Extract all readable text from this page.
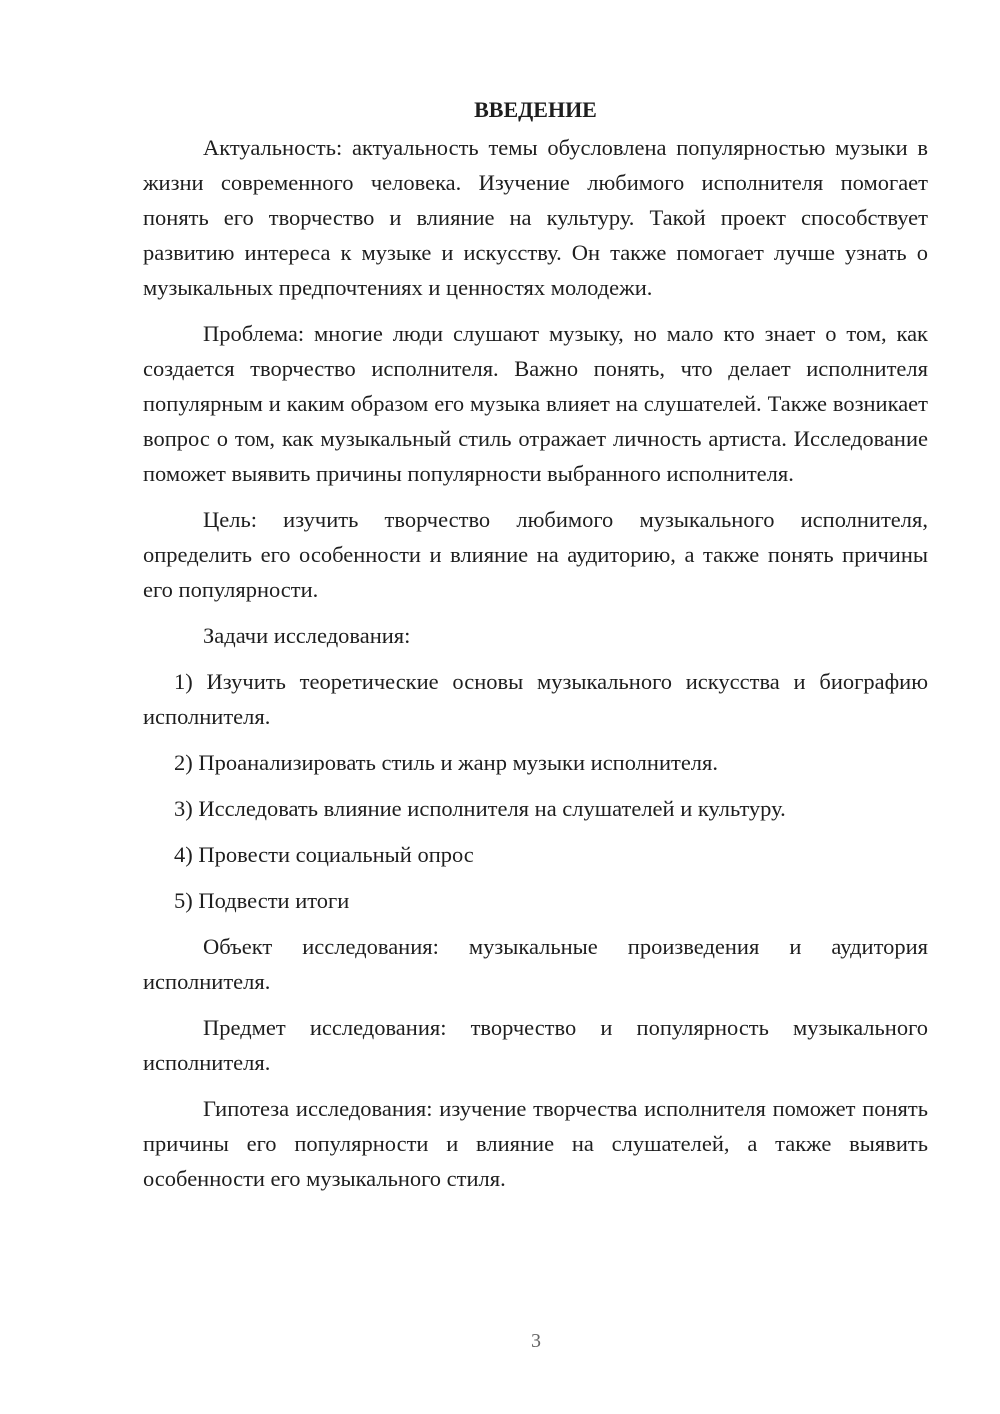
ВВЕДЕНИЕ

Актуальность: актуальность темы обусловлена популярностью музыки в жизни современного человека. Изучение любимого исполнителя помогает понять его творчество и влияние на культуру. Такой проект способствует развитию интереса к музыке и искусству. Он также помогает лучше узнать о музыкальных предпочтениях и ценностях молодежи.

Проблема: многие люди слушают музыку, но мало кто знает о том, как создается творчество исполнителя. Важно понять, что делает исполнителя популярным и каким образом его музыка влияет на слушателей. Также возникает вопрос о том, как музыкальный стиль отражает личность артиста. Исследование поможет выявить причины популярности выбранного исполнителя.

Цель: изучить творчество любимого музыкального исполнителя, определить его особенности и влияние на аудиторию, а также понять причины его популярности.

Задачи исследования:

1) Изучить теоретические основы музыкального искусства и биографию исполнителя.

2) Проанализировать стиль и жанр музыки исполнителя.

3) Исследовать влияние исполнителя на слушателей и культуру.

4) Провести социальный опрос

5) Подвести итоги

Объект исследования: музыкальные произведения и аудитория исполнителя.

Предмет исследования: творчество и популярность музыкального исполнителя.

Гипотеза исследования: изучение творчества исполнителя поможет понять причины его популярности и влияние на слушателей, а также выявить особенности его музыкального стиля.

3
